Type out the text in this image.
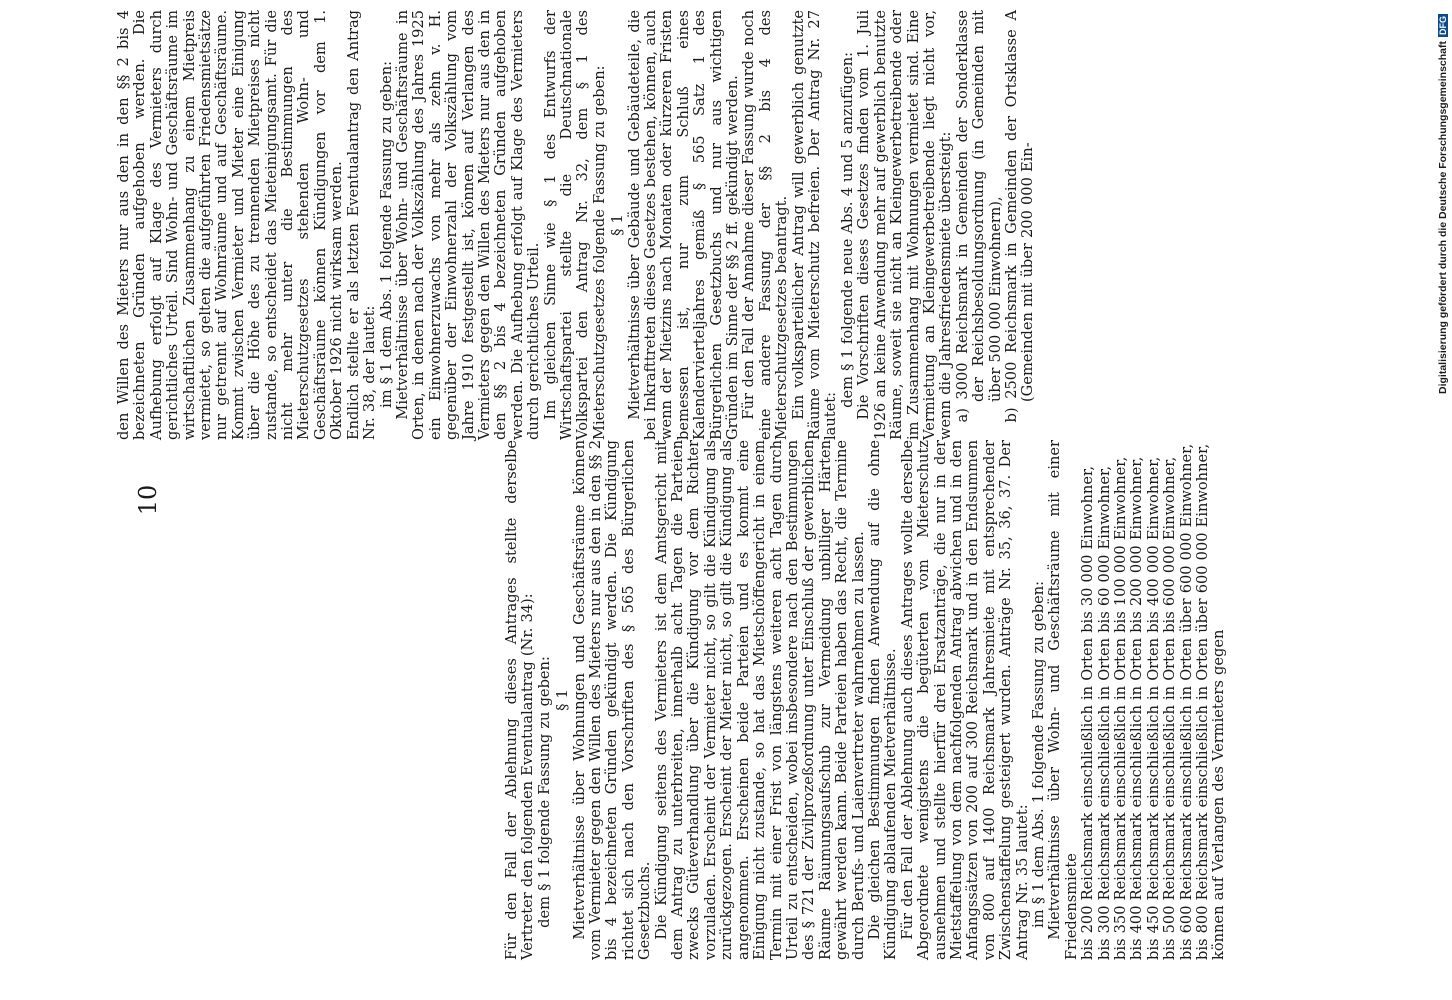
10	Für den Fall der Ablehnung dieses Antrages stellte derselbe Vertreter den folgenden Eventualantrag (Nr. 34): dem § 1 folgende Fassung zu geben: § 1 Mietverhältnisse über Wohnungen und Geschäftsräume können vom Vermieter gegen den Willen des Mieters nur aus den in den §§ 2 bis 4 bezeichneten Gründen gekündigt werden. Die Kündigung richtet sich nach den Vorschriften des § 565 des Bürgerlichen Gesetzbuchs. Die Kündigung seitens des Vermieters ist dem Amtsgericht mit dem Antrag zu unterbreiten, innerhalb acht Tagen die Parteien zwecks Güteverhandlung über die Kündigung vor dem Richter vorzuladen. Erscheint der Vermieter nicht, so gilt die Kündigung als zurückgezogen. Erscheint der Mieter nicht, so gilt die Kündigung als angenommen. Erscheinen beide Parteien und es kommt eine Einigung nicht zustande, so hat das Mietschöffengericht in einem Termin mit einer Frist von längstens weiteren acht Tagen durch Urteil zu entscheiden, wobei insbesondere nach den Bestimmungen des § 721 der Zivilprozeßordnung unter Einschluß der gewerblichen Räume Räumungsaufschub zur Vermeidung unbilliger Härten gewährt werden kann. Beide Parteien haben das Recht, die Termine durch Berufs- und Laienvertreter wahrnehmen zu lassen. Die gleichen Bestimmungen finden Anwendung auf die ohne Kündigung ablaufenden Mietverhältnisse. Für den Fall der Ablehnung auch dieses Antrages wollte derselbe Abgeordnete wenigstens die begüterten vom Mieterschutz ausnehmen und stellte hierfür drei Ersatzanträge, die nur in der Mietstaffelung von dem nachfolgenden Antrag abwichen und in den Anfangssätzen von 200 auf 300 Reichsmark und in den Endsummen von 800 auf 1400 Reichsmark Jahresmiete mit entsprechender Zwischenstaffelung gesteigert wurden. Anträge Nr. 35, 36, 37. Der Antrag Nr. 35 lautet: im § 1 dem Abs. 1 folgende Fassung zu geben: Mietverhältnisse über Wohn- und Geschäftsräume mit einer Friedensmiete bis 200 Reichsmark einschließlich in Orten bis 30 000 Einwohner, bis 300 Reichsmark einschließlich in Orten bis 60 000 Einwohner, bis 350 Reichsmark einschließlich in Orten bis 100 000 Einwohner, bis 400 Reichsmark einschließlich in Orten bis 200 000 Einwohner, bis 450 Reichsmark einschließlich in Orten bis 400 000 Einwohner, bis 500 Reichsmark einschließlich in Orten bis 600 000 Einwohner, bis 600 Reichsmark einschließlich in Orten über 600 000 Einwohner, bis 800 Reichsmark einschließlich in Orten über 600 000 Einwohner, können auf Verlangen des Vermieters gegen

den Willen des Mieters nur aus den in den §§ 2 bis 4 bezeichneten Gründen aufgehoben werden. Die Aufhebung erfolgt auf Klage des Vermieters durch gerichtliches Urteil. Sind Wohn- und Geschäftsräume im wirtschaftlichen Zusammenhang zu einem Mietpreis vermietet, so gelten die aufgeführten Friedensmietsätze nur getrennt auf Wohnräume und auf Geschäftsräume. Kommt zwischen Vermieter und Mieter eine Einigung über die Höhe des zu trennenden Mietpreises nicht zustande, so entscheidet das Mieteinigungsamt. Für die nicht mehr unter die Bestimmungen des Mieterschutzgesetzes stehenden Wohn- und Geschäftsräume können Kündigungen vor dem 1. Oktober 1926 nicht wirksam werden. Endlich stellte er als letzten Eventualantrag den Antrag Nr. 38, der lautet: im § 1 dem Abs. 1 folgende Fassung zu geben: Mietverhältnisse über Wohn- und Geschäftsräume in Orten, in denen nach der Volkszählung des Jahres 1925 ein Einwohnerzuwachs von mehr als zehn v. H. gegenüber der Einwohnerzahl der Volkszählung vom Jahre 1910 festgestellt ist, können auf Verlangen des Vermieters gegen den Willen des Mieters nur aus den in den §§ 2 bis 4 bezeichneten Gründen aufgehoben werden. Die Aufhebung erfolgt auf Klage des Vermieters durch gerichtliches Urteil. Im gleichen Sinne wie § 1 des Entwurfs der Wirtschaftspartei stellte die Deutschnationale Volkspartei den Antrag Nr. 32, dem § 1 des Mieterschutzgesetzes folgende Fassung zu geben: § 1 Mietverhältnisse über Gebäude und Gebäudeteile, die bei Inkrafttreten dieses Gesetzes bestehen, können, auch wenn der Mietzins nach Monaten oder kürzeren Fristen bemessen ist, nur zum Schluß eines Kalendervierteljahres gemäß § 565 Satz 1 des Bürgerlichen Gesetzbuchs und nur aus wichtigen Gründen im Sinne der §§ 2 ff. gekündigt werden. Für den Fall der Annahme dieser Fassung wurde noch eine andere Fassung der §§ 2 bis 4 des Mieterschutzgesetzes beantragt. Ein volksparteilicher Antrag will gewerblich genutzte Räume vom Mieterschutz befreien. Der Antrag Nr. 27 lautet:

dem § 1 folgende neue Abs. 4 und 5 anzufügen: Die Vorschriften dieses Gesetzes finden vom 1. Juli 1926 an keine Anwendung mehr auf gewerblich benutzte Räume, soweit sie nicht an Kleingewerbetreibende oder im Zusammenhang mit Wohnungen vermietet sind. Eine Vermietung an Kleingewerbetreibende liegt nicht vor, wenn die Jahresfriedensmiete übersteigt: a) 3000 Reichsmark in Gemeinden der Sonderklasse der Reichsbesoldungsordnung (in Gemeinden mit über 500 000 Einwohnern), b) 2500 Reichsmark in Gemeinden der Ortsklasse A (Gemeinden mit über 200 000 Ein-	Digitalisierung gefördert durch die Deutsche Forschungsgemeinschaft
DFG
